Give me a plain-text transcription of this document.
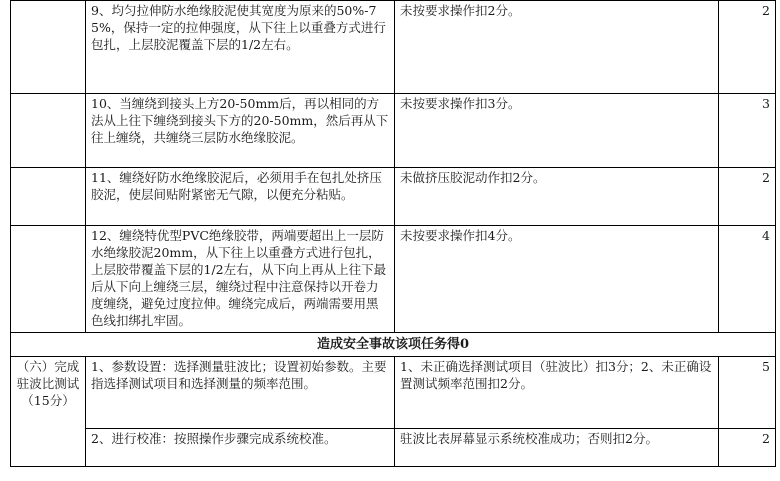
	9、均匀拉伸防水绝缘胶泥使其宽度为原来的50%-75%，保持一定的拉伸强度，从下往上以重叠方式进行包扎，上层胶泥覆盖下层的1/2左右。	未按要求操作扣2分。	2
	10、当缠绕到接头上方20-50mm后，再以相同的方法从上往下缠绕到接头下方的20-50mm，然后再从下往上缠绕，共缠绕三层防水绝缘胶泥。	未按要求操作扣3分。	3
	11、缠绕好防水绝缘胶泥后，必须用手在包扎处挤压胶泥，使层间贴附紧密无气隙，以便充分粘贴。	未做挤压胶泥动作扣2分。	2
	12、缠绕特优型PVC绝缘胶带，两端要超出上一层防水绝缘胶泥20mm，从下往上以重叠方式进行包扎，上层胶带覆盖下层的1/2左右，从下向上再从上往下最后从下向上缠绕三层，缠绕过程中注意保持以开卷力度缠绕，避免过度拉伸。缠绕完成后，两端需要用黑色线扣绑扎牢固。	未按要求操作扣4分。	4
造成安全事故该项任务得0			

（六）完成驻波比测试（15分）	1、参数设置：选择测量驻波比；设置初始参数。主要指选择测试项目和选择测量的频率范围。	1、未正确选择测试项目（驻波比）扣3分；2、未正确设置测试频率范围扣2分。	5
	2、进行校准：按照操作步骤完成系统校准。	驻波比表屏幕显示系统校准成功；否则扣2分。	2
